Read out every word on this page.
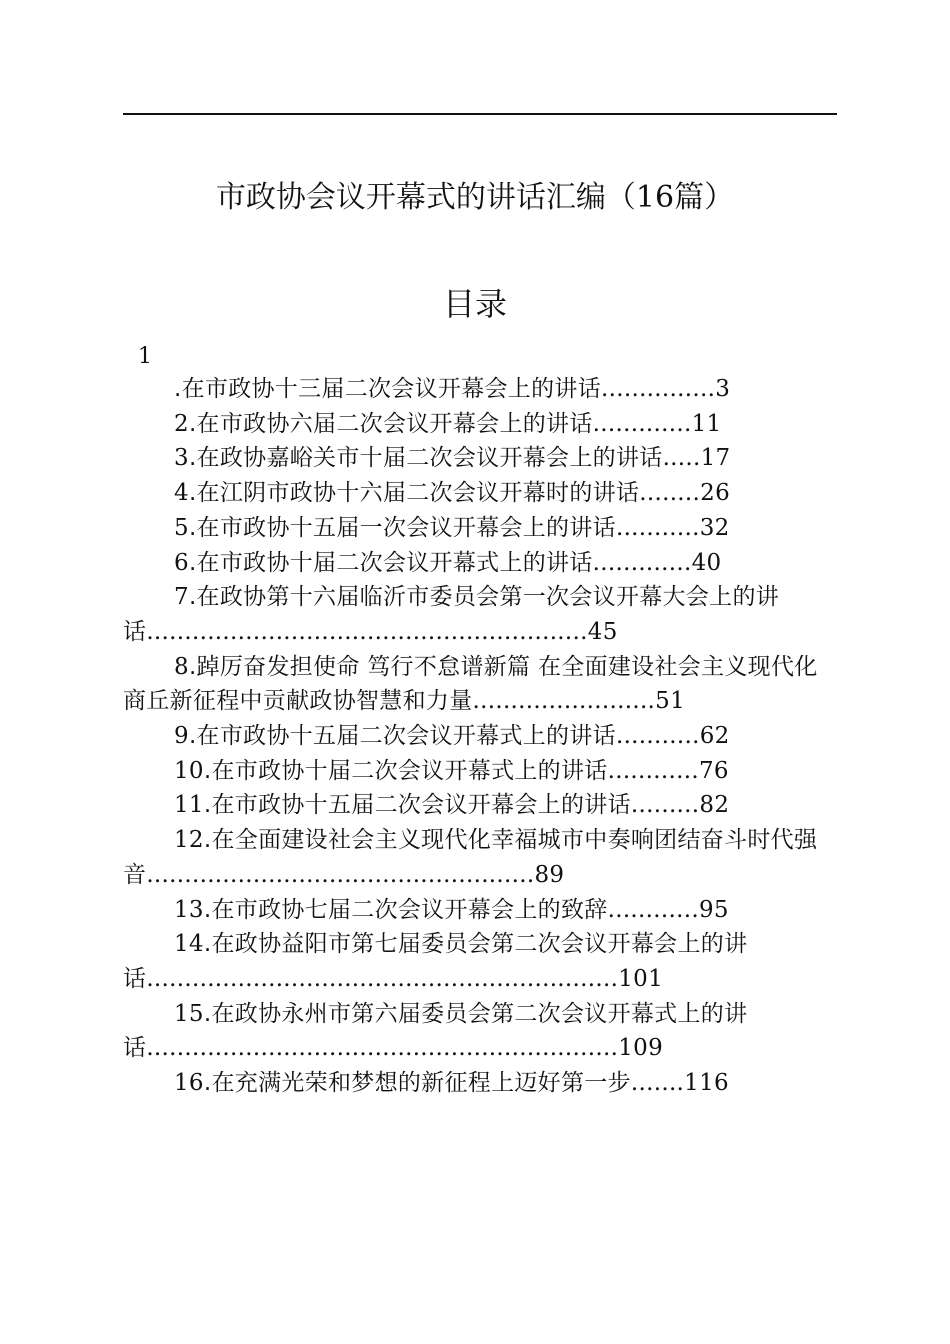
市政协会议开幕式的讲话汇编（16篇）
目录
1
.在市政协十三届二次会议开幕会上的讲话...............3
2.在市政协六届二次会议开幕会上的讲话.............11
3.在政协嘉峪关市十届二次会议开幕会上的讲话.....17
4.在江阴市政协十六届二次会议开幕时的讲话........26
5.在市政协十五届一次会议开幕会上的讲话...........32
6.在市政协十届二次会议开幕式上的讲话.............40
7.在政协第十六届临沂市委员会第一次会议开幕大会上的讲话..........................................................45
8.踔厉奋发担使命 笃行不怠谱新篇 在全面建设社会主义现代化商丘新征程中贡献政协智慧和力量........................51
9.在市政协十五届二次会议开幕式上的讲话...........62
10.在市政协十届二次会议开幕式上的讲话............76
11.在市政协十五届二次会议开幕会上的讲话.........82
12.在全面建设社会主义现代化幸福城市中奏响团结奋斗时代强音...................................................89
13.在市政协七届二次会议开幕会上的致辞............95
14.在政协益阳市第七届委员会第二次会议开幕会上的讲话..............................................................101
15.在政协永州市第六届委员会第二次会议开幕式上的讲话..............................................................109
16.在充满光荣和梦想的新征程上迈好第一步.......116
